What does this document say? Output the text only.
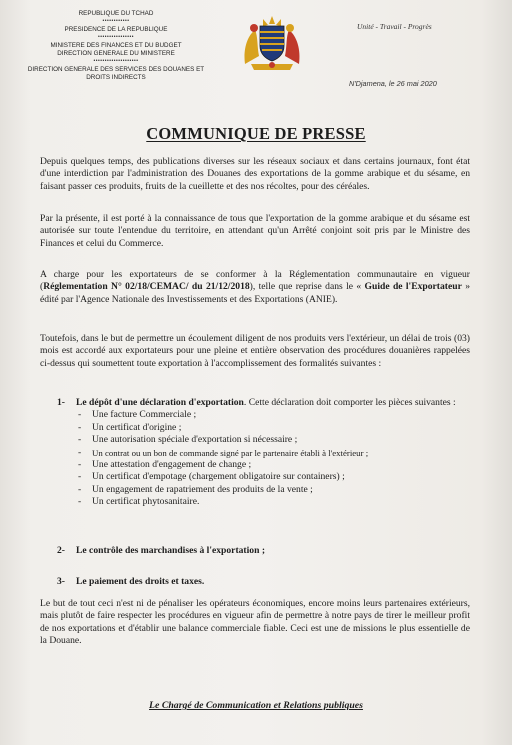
REPUBLIQUE DU TCHAD
••••••••••••
PRESIDENCE DE LA REPUBLIQUE
••••••••••••••••
MINISTERE DES FINANCES ET DU BUDGET
DIRECTION GENERALE DU MINISTERE
••••••••••••••••••••
DIRECTION GENERALE DES SERVICES DES DOUANES ET
DROITS INDIRECTS
Unité - Travail - Progrès
N'Djamena, le 26 mai 2020
COMMUNIQUE DE PRESSE
Depuis quelques temps, des publications diverses sur les réseaux sociaux et dans certains journaux, font état d'une interdiction par l'administration des Douanes des exportations de la gomme arabique et du sésame, en faisant passer ces produits, fruits de la cueillette et des nos récoltes, pour des céréales.
Par la présente, il est porté à la connaissance de tous que l'exportation de la gomme arabique et du sésame est autorisée sur toute l'entendue du territoire, en attendant qu'un Arrêté conjoint soit pris par le Ministre des Finances et celui du Commerce.
A charge pour les exportateurs de se conformer à la Réglementation communautaire en vigueur (Réglementation N° 02/18/CEMAC/ du 21/12/2018), telle que reprise dans le « Guide de l'Exportateur » édité par l'Agence Nationale des Investissements et des Exportations (ANIE).
Toutefois, dans le but de permettre un écoulement diligent de nos produits vers l'extérieur, un délai de trois (03) mois est accordé aux exportateurs pour une pleine et entière observation des procédures douanières rappelées ci-dessus qui soumettent toute exportation à l'accomplissement des formalités suivantes :
1- Le dépôt d'une déclaration d'exportation. Cette déclaration doit comporter les pièces suivantes :
-	Une facture Commerciale ;
-	Un certificat d'origine ;
-	Une autorisation spéciale d'exportation si nécessaire ;
-	Un contrat ou un bon de commande signé par le partenaire établi à l'extérieur ;
-	Une attestation d'engagement de change ;
-	Un certificat d'empotage (chargement obligatoire sur containers) ;
-	Un engagement de rapatriement des produits de la vente ;
-	Un certificat phytosanitaire.
2- Le contrôle des marchandises à l'exportation ;
3- Le paiement des droits et taxes.
Le but de tout ceci n'est ni de pénaliser les opérateurs économiques, encore moins leurs partenaires extérieurs, mais plutôt de faire respecter les procédures en vigueur afin de permettre à notre pays de tirer le meilleur profit de nos exportations et d'établir une balance commerciale fiable. Ceci est une de missions le plus essentielle de la Douane.
Le Chargé de Communication et Relations publiques
